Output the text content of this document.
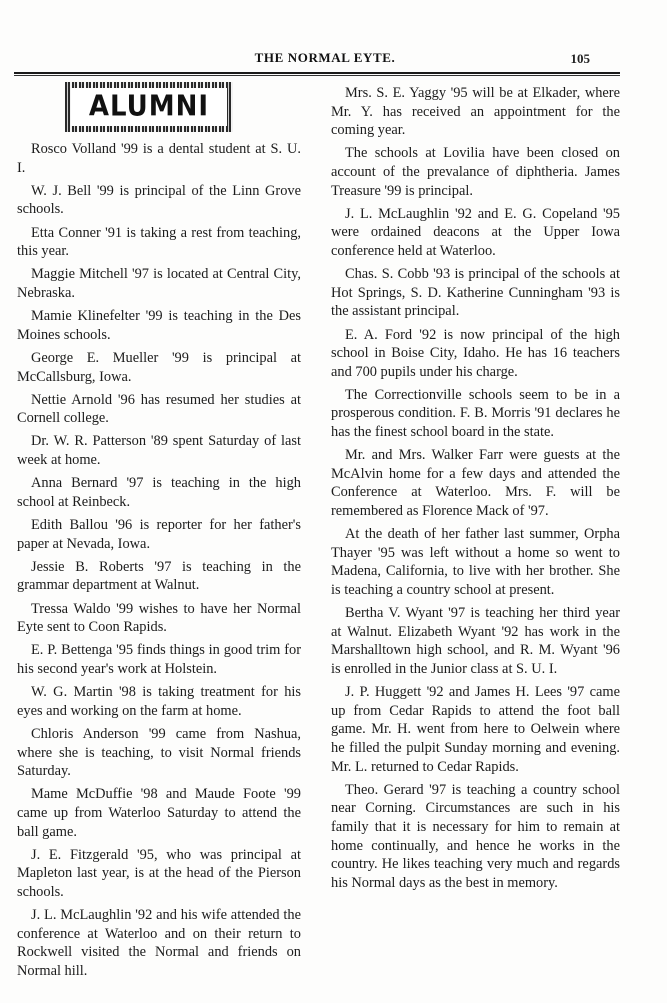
THE NORMAL EYTE.	105
ALUMNI

Rosco Volland '99 is a dental student at S. U. I.

W. J. Bell '99 is principal of the Linn Grove schools.

Etta Conner '91 is taking a rest from teaching, this year.

Maggie Mitchell '97 is located at Central City, Nebraska.

Mamie Klinefelter '99 is teaching in the Des Moines schools.

George E. Mueller '99 is principal at McCallsburg, Iowa.

Nettie Arnold '96 has resumed her studies at Cornell college.

Dr. W. R. Patterson '89 spent Saturday of last week at home.

Anna Bernard '97 is teaching in the high school at Reinbeck.

Edith Ballou '96 is reporter for her father's paper at Nevada, Iowa.

Jessie B. Roberts '97 is teaching in the grammar department at Walnut.

Tressa Waldo '99 wishes to have her Normal Eyte sent to Coon Rapids.

E. P. Bettenga '95 finds things in good trim for his second year's work at Holstein.

W. G. Martin '98 is taking treatment for his eyes and working on the farm at home.

Chloris Anderson '99 came from Nashua, where she is teaching, to visit Normal friends Saturday.

Mame McDuffie '98 and Maude Foote '99 came up from Waterloo Saturday to attend the ball game.

J. E. Fitzgerald '95, who was principal at Mapleton last year, is at the head of the Pierson schools.

J. L. McLaughlin '92 and his wife attended the conference at Waterloo and on their return to Rockwell visited the Normal and friends on Normal hill.

Mrs. S. E. Yaggy '95 will be at Elkader, where Mr. Y. has received an appointment for the coming year.

The schools at Lovilia have been closed on account of the prevalance of diphtheria. James Treasure '99 is principal.

J. L. McLaughlin '92 and E. G. Copeland '95 were ordained deacons at the Upper Iowa conference held at Waterloo.

Chas. S. Cobb '93 is principal of the schools at Hot Springs, S. D. Katherine Cunningham '93 is the assistant principal.

E. A. Ford '92 is now principal of the high school in Boise City, Idaho. He has 16 teachers and 700 pupils under his charge.

The Correctionville schools seem to be in a prosperous condition. F. B. Morris '91 declares he has the finest school board in the state.

Mr. and Mrs. Walker Farr were guests at the McAlvin home for a few days and attended the Conference at Waterloo. Mrs. F. will be remembered as Florence Mack of '97.

At the death of her father last summer, Orpha Thayer '95 was left without a home so went to Madena, California, to live with her brother. She is teaching a country school at present.

Bertha V. Wyant '97 is teaching her third year at Walnut. Elizabeth Wyant '92 has work in the Marshalltown high school, and R. M. Wyant '96 is enrolled in the Junior class at S. U. I.

J. P. Huggett '92 and James H. Lees '97 came up from Cedar Rapids to attend the foot ball game. Mr. H. went from here to Oelwein where he filled the pulpit Sunday morning and evening. Mr. L. returned to Cedar Rapids.

Theo. Gerard '97 is teaching a country school near Corning. Circumstances are such in his family that it is necessary for him to remain at home continually, and hence he works in the country. He likes teaching very much and regards his Normal days as the best in memory.
